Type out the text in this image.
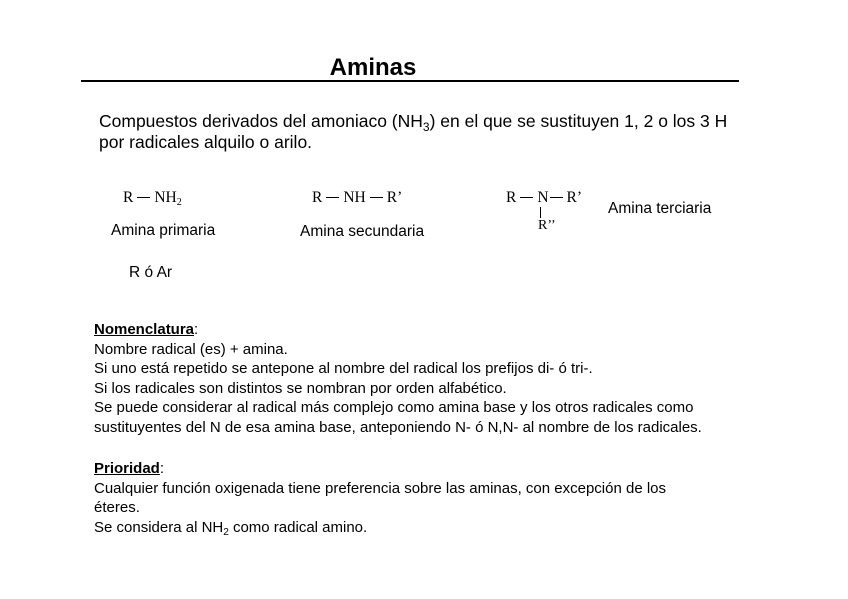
Aminas
Compuestos derivados del amoniaco $(NH_3)$ en el que se sustituyen 1, 2 o los 3 H
por radicales alquilo o arilo.
R $NH_2$
Amina primaria
R NH R’
Amina secundaria
R N R’
R’’
Amina terciaria
R ó Ar
Nomenclatura:
Nombre radical (es) + amina.
Si uno está repetido se antepone al nombre del radical los prefijos di- ó tri-.
Si los radicales son distintos se nombran por orden alfabético.
Se puede considerar al radical más complejo como amina base y los otros radicales como
sustituyentes del N de esa amina base, anteponiendo N- ó N,N- al nombre de los radicales.
Prioridad:
Cualquier función oxigenada tiene preferencia sobre las aminas, con excepción de los
éteres.
Se considera al $NH_2$ como radical amino.
